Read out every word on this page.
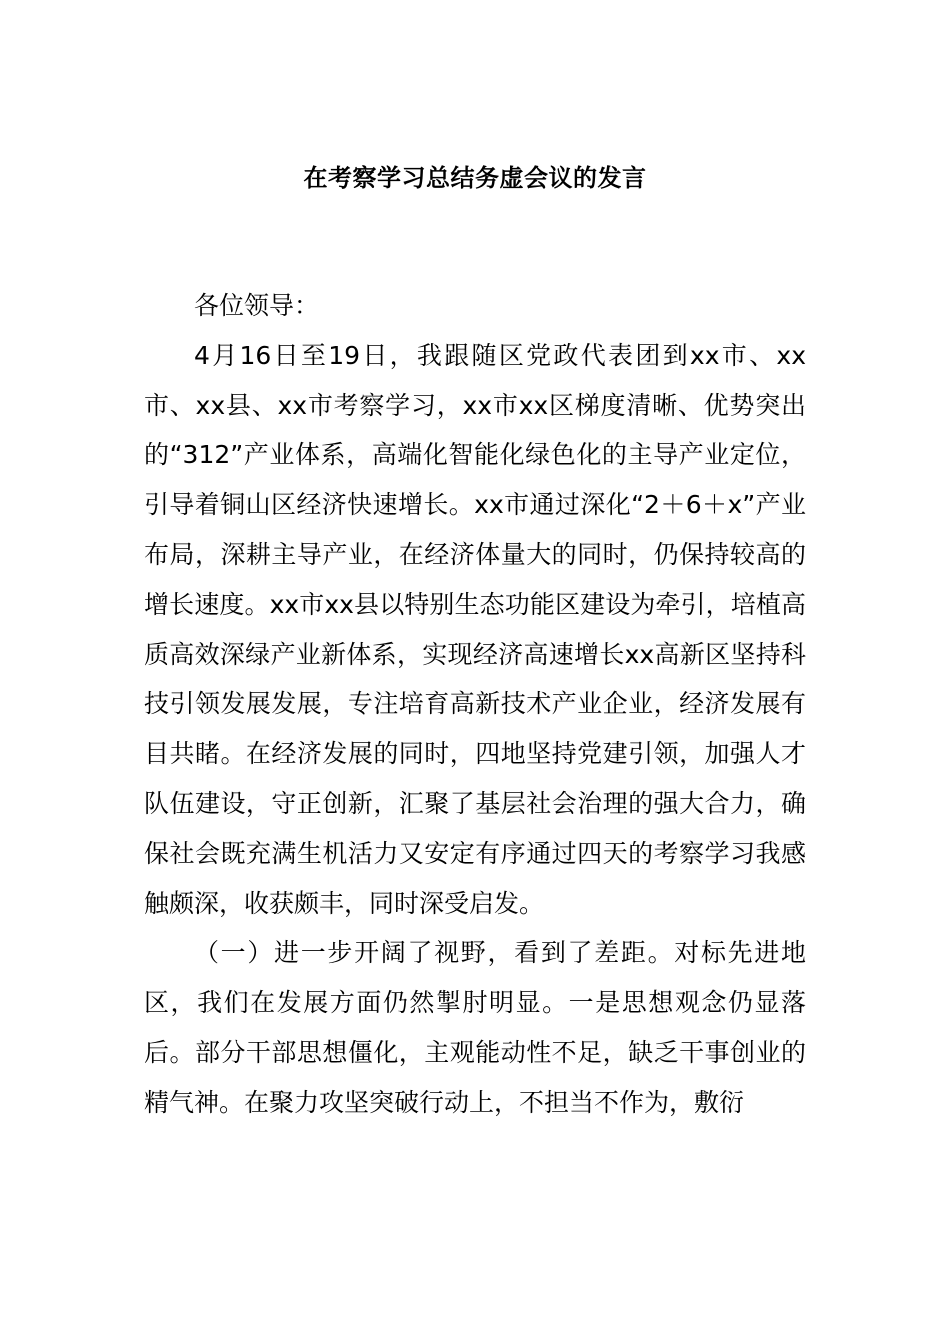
在考察学习总结务虚会议的发言

各位领导：

4月16日至19日，我跟随区党政代表团到xx市、xx市、xx县、xx市考察学习，xx市xx区梯度清晰、优势突出的“312”产业体系，高端化智能化绿色化的主导产业定位，引导着铜山区经济快速增长。xx市通过深化“2＋6＋x”产业布局，深耕主导产业，在经济体量大的同时，仍保持较高的增长速度。xx市xx县以特别生态功能区建设为牵引，培植高质高效深绿产业新体系，实现经济高速增长xx高新区坚持科技引领发展发展，专注培育高新技术产业企业，经济发展有目共睹。在经济发展的同时，四地坚持党建引领，加强人才队伍建设，守正创新，汇聚了基层社会治理的强大合力，确保社会既充满生机活力又安定有序通过四天的考察学习我感触颇深，收获颇丰，同时深受启发。

（一）进一步开阔了视野，看到了差距。对标先进地区，我们在发展方面仍然掣肘明显。一是思想观念仍显落后。部分干部思想僵化，主观能动性不足，缺乏干事创业的精气神。在聚力攻坚突破行动上，不担当不作为，敷衍
